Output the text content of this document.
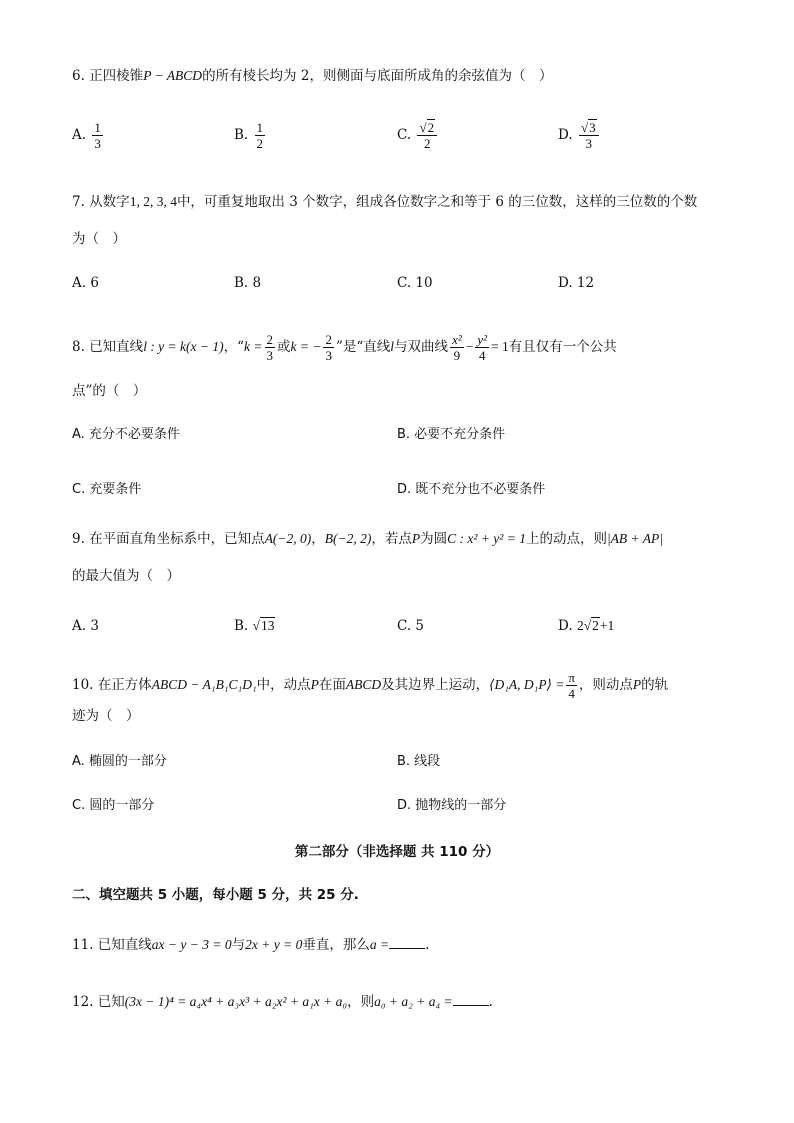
6. 正四棱锥P − ABCD的所有棱长均为 2，则侧面与底面所成角的余弦值为（　）
A. $\frac{1}{3}$	B. $\frac{1}{2}$	C. $\frac{√2}{2}$	D. $\frac{√3}{3}$
7. 从数字1, 2, 3, 4中，可重复地取出 3 个数字，组成各位数字之和等于 6 的三位数，这样的三位数的个数
为（　）
A. 6	B. 8	C. 10	D. 12
8. 已知直线l : y = k(x − 1)，“$k = \frac{2}{3}$ 或k = − $\frac{2}{3}$ ”是“直线l与双曲线 $\frac{\text{x²}}{9} - \frac{\text{y²}}{4} = 1$有且仅有一个公共
点”的（　）
A. 充分不必要条件	B. 必要不充分条件
C. 充要条件	D. 既不充分也不必要条件
9. 在平面直角坐标系中，已知点A(−2, 0)，B(−2, 2)，若点P为圆C : x² + y² = 1上的动点，则|AB + AP|
的最大值为（　）
A. 3	B. √13	C. 5	D. 2√2+1
10. 在正方体ABCD − A₁B₁C₁D₁中，动点P在面ABCD及其边界上运动，⟨D₁A, D₁P⟩ = $\frac{\pi}{4}$ ，则动点P的轨
迹为（　）
A. 椭圆的一部分	B. 线段
C. 圆的一部分	D. 抛物线的一部分
第二部分（非选择题 共 110 分）
二、填空题共 5 小题，每小题 5 分，共 25 分.
11. 已知直线ax − y − 3 = 0与2x + y = 0垂直，那么a =	.
12. 已知(3x − 1)⁴ = a₄x⁴ + a₃x³ + a₂x² + a₁x + a₀，则a₀ + a₂ + a₄ =	.
